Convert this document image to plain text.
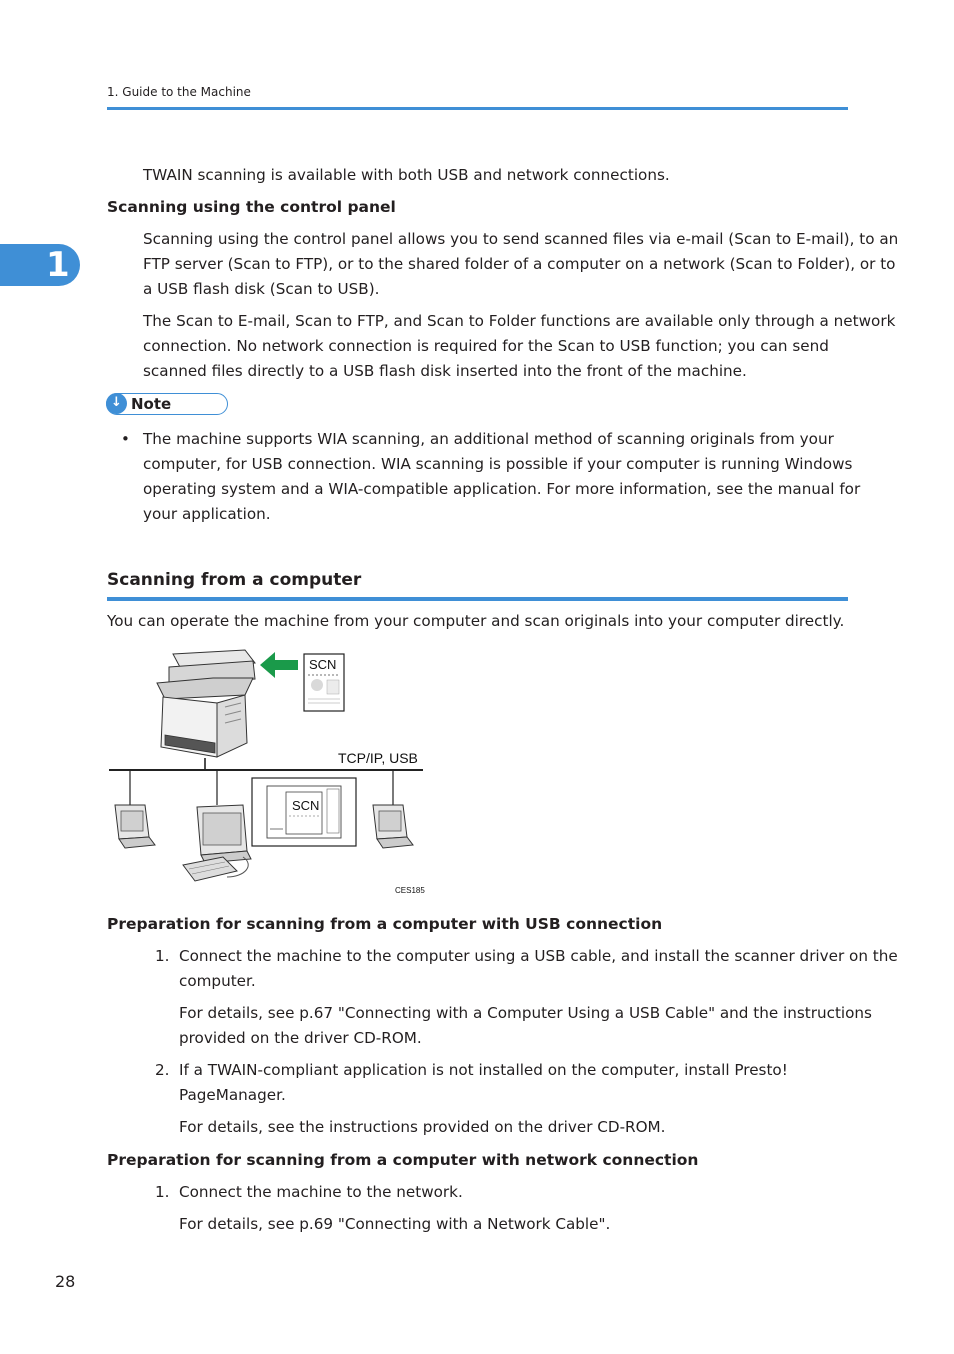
1. Guide to the Machine
1
TWAIN scanning is available with both USB and network connections.
Scanning using the control panel
Scanning using the control panel allows you to send scanned files via e-mail (Scan to E-mail), to an
FTP server (Scan to FTP), or to the shared folder of a computer on a network (Scan to Folder), or to
a USB flash disk (Scan to USB).
The Scan to E-mail, Scan to FTP, and Scan to Folder functions are available only through a network
connection. No network connection is required for the Scan to USB function; you can send
scanned files directly to a USB flash disk inserted into the front of the machine.
↓ Note
• The machine supports WIA scanning, an additional method of scanning originals from your
computer, for USB connection. WIA scanning is possible if your computer is running Windows
operating system and a WIA-compatible application. For more information, see the manual for
your application.
Scanning from a computer
You can operate the machine from your computer and scan originals into your computer directly.
SCN
TCP/IP, USB
SCN
CES185
Preparation for scanning from a computer with USB connection
1. Connect the machine to the computer using a USB cable, and install the scanner driver on the
computer.
For details, see p.67 "Connecting with a Computer Using a USB Cable" and the instructions
provided on the driver CD-ROM.
2. If a TWAIN-compliant application is not installed on the computer, install Presto!
PageManager.
For details, see the instructions provided on the driver CD-ROM.
Preparation for scanning from a computer with network connection
1. Connect the machine to the network.
For details, see p.69 "Connecting with a Network Cable".
28
